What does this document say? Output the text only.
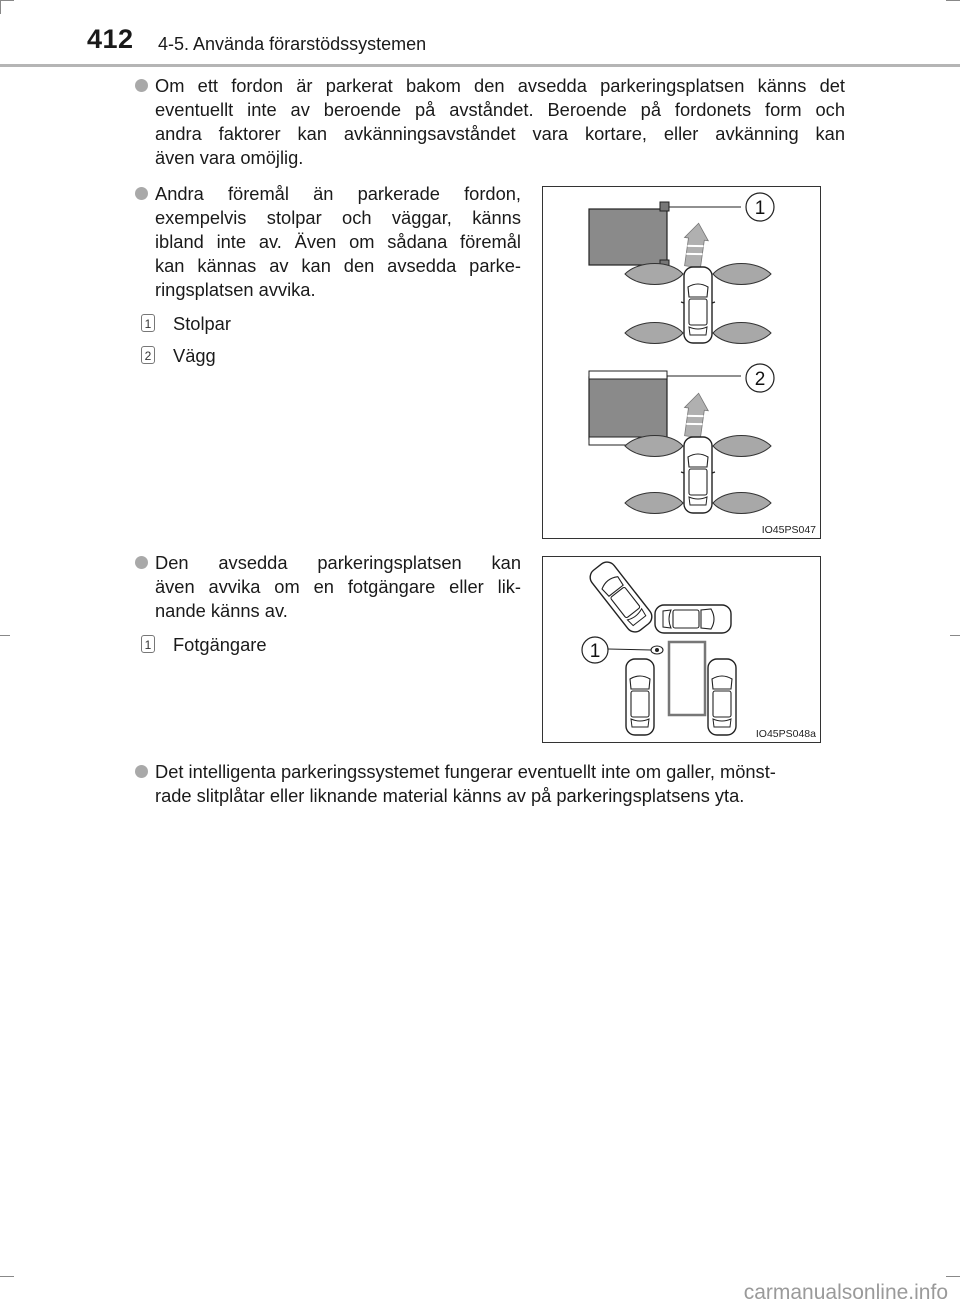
412 4-5. Använda förarstödssystemen
Om ett fordon är parkerat bakom den avsedda parkeringsplatsen känns det
eventuellt inte av beroende på avståndet. Beroende på fordonets form och
andra faktorer kan avkänningsavståndet vara kortare, eller avkänning kan
även vara omöjlig.
Andra föremål än parkerade fordon,
exempelvis stolpar och väggar, känns
ibland inte av. Även om sådana föremål
kan kännas av kan den avsedda parke-
ringsplatsen avvika.
1 Stolpar
2 Vägg
1
2
IO45PS047
Den avsedda parkeringsplatsen kan
även avvika om en fotgängare eller lik-
nande känns av.
1 Fotgängare	1
IO45PS048a
Det intelligenta parkeringssystemet fungerar eventuellt inte om galler, mönst-
rade slitplåtar eller liknande material känns av på parkeringsplatsens yta.
carmanualsonline.info
